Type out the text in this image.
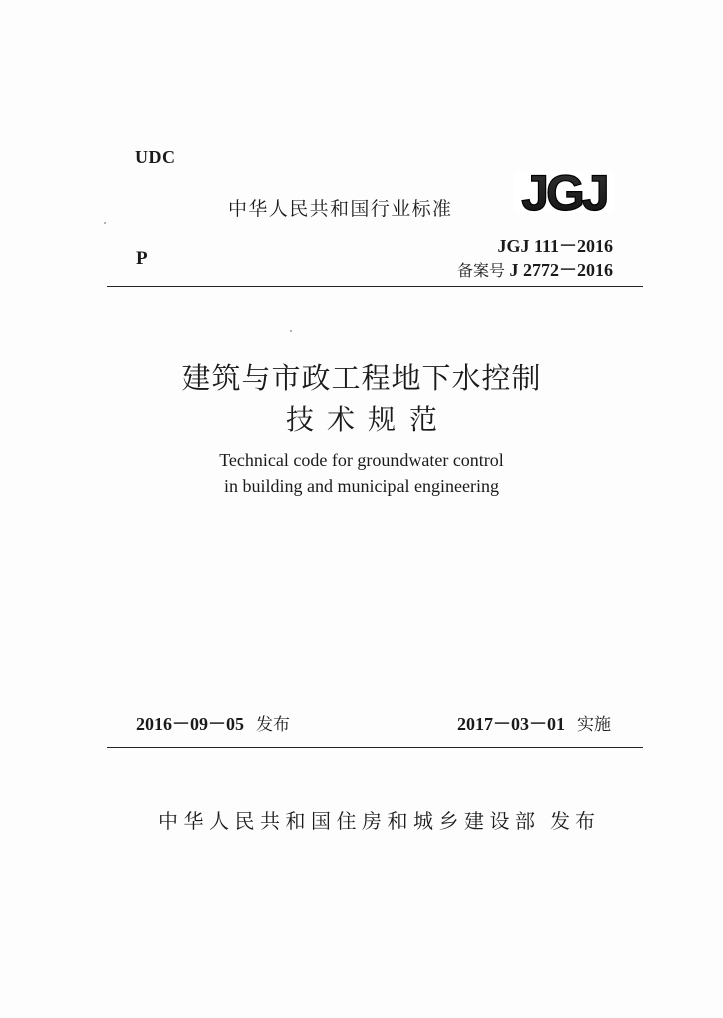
UDC
中华人民共和国行业标准 JGJ
JGJ 111－2016
P
备案号 J 2772－2016
建筑与市政工程地下水控制
技术规范
Technical code for groundwater control
in building and municipal engineering
2016－09－05 发布	2017－03－01 实施
中华人民共和国住房和城乡建设部 发布
